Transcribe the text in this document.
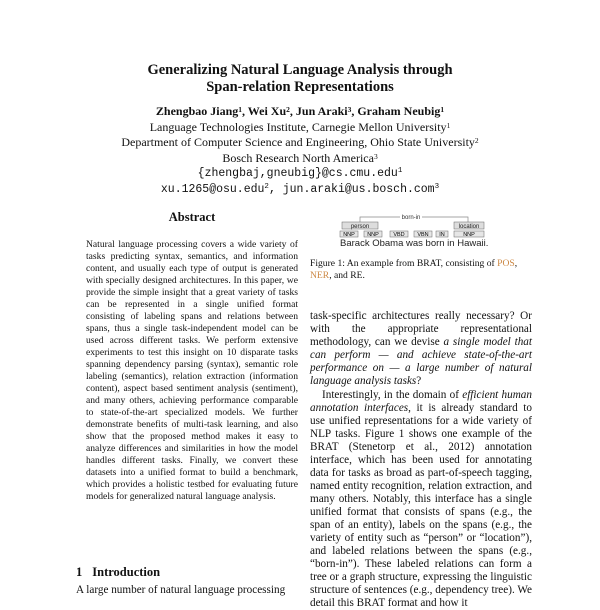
Generalizing Natural Language Analysis through
Span-relation Representations
Zhengbao Jiang$^1$, Wei Xu$^2$, Jun Araki$^3$, Graham Neubig$^1$
Language Technologies Institute, Carnegie Mellon University$^1$
Department of Computer Science and Engineering, Ohio State University$^2$
Bosch Research North America$^3$
{zhengbaj,gneubig}@cs.cmu.edu$^1$
xu.1265@osu.edu$^2$, jun.araki@us.bosch.com$^3$
Abstract

Natural language processing covers a wide variety of tasks predicting syntax, semantics, and information content, and usually each type of output is generated with specially designed architectures. In this paper, we provide the simple insight that a great variety of tasks can be represented in a single unified format consisting of labeling spans and relations between spans, thus a single task-independent model can be used across different tasks. We perform extensive experiments to test this insight on 10 disparate tasks spanning dependency parsing (syntax), semantic role labeling (semantics), relation extraction (information content), aspect based sentiment analysis (sentiment), and many others, achieving performance comparable to state-of-the-art specialized models. We further demonstrate benefits of multi-task learning, and also show that the proposed method makes it easy to analyze differences and similarities in how the model handles different tasks. Finally, we convert these datasets into a unified format to build a benchmark, which provides a holistic testbed for evaluating future models for generalized natural language analysis.

1 Introduction
A large number of natural language processing
born-in
person	location
NNP NNP	VBD VBN IN	NNP
Barack Obama was born in Hawaii.
Figure 1: An example from BRAT, consisting of POS, NER, and RE.

task-specific architectures really necessary? Or with the appropriate representational methodology, can we devise a single model that can perform — and achieve state-of-the-art performance on — a large number of natural language analysis tasks?

Interestingly, in the domain of efficient human annotation interfaces, it is already standard to use unified representations for a wide variety of NLP tasks. Figure 1 shows one example of the BRAT (Stenetorp et al., 2012) annotation interface, which has been used for annotating data for tasks as broad as part-of-speech tagging, named entity recognition, relation extraction, and many others. Notably, this interface has a single unified format that consists of spans (e.g., the span of an entity), labels on the spans (e.g., the variety of entity such as “person” or “location”), and labeled relations between the spans (e.g., “born-in”). These labeled relations can form a tree or a graph structure, expressing the linguistic structure of sentences (e.g., dependency tree). We detail this BRAT format and how it
